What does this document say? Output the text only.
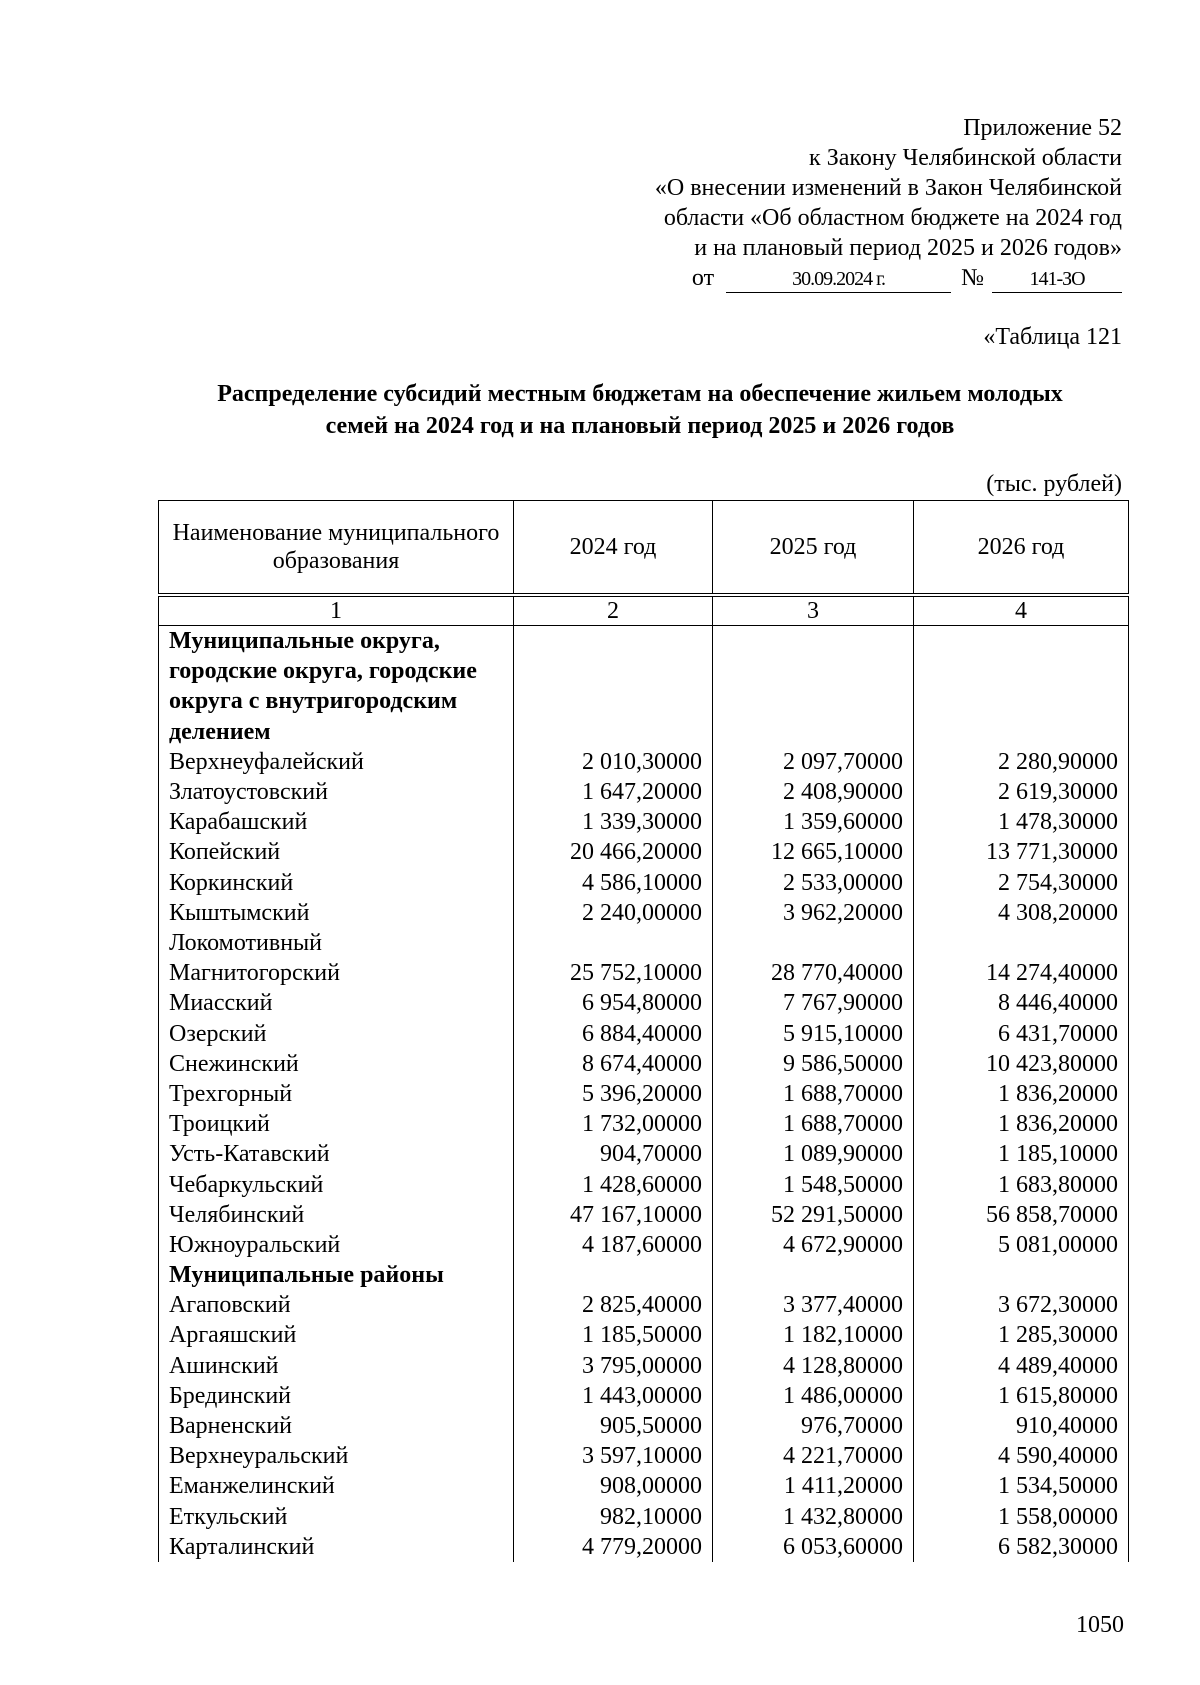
Приложение 52
к Закону Челябинской области
«О внесении изменений в Закон Челябинской
области «Об областном бюджете на 2024 год
и на плановый период 2025 и 2026 годов»
от	30.09.2024 г.	№ 141-ЗО
«Таблица 121
Распределение субсидий местным бюджетам на обеспечение жильем молодых
семей на 2024 год и на плановый период 2025 и 2026 годов
(тыс. рублей)
Наименование муниципального образования	2024 год	2025 год	2026 год
1	2	3	4
Муниципальные округа, городские округа, городские округа с внутригородским делением			
Верхнеуфалейский	2 010,30000	2 097,70000	2 280,90000
Златоустовский	1 647,20000	2 408,90000	2 619,30000
Карабашский	1 339,30000	1 359,60000	1 478,30000
Копейский	20 466,20000	12 665,10000	13 771,30000
Коркинский	4 586,10000	2 533,00000	2 754,30000
Кыштымский	2 240,00000	3 962,20000	4 308,20000
Локомотивный			
Магнитогорский	25 752,10000	28 770,40000	14 274,40000
Миасский	6 954,80000	7 767,90000	8 446,40000
Озерский	6 884,40000	5 915,10000	6 431,70000
Снежинский	8 674,40000	9 586,50000	10 423,80000
Трехгорный	5 396,20000	1 688,70000	1 836,20000
Троицкий	1 732,00000	1 688,70000	1 836,20000
Усть-Катавский	904,70000	1 089,90000	1 185,10000
Чебаркульский	1 428,60000	1 548,50000	1 683,80000
Челябинский	47 167,10000	52 291,50000	56 858,70000
Южноуральский	4 187,60000	4 672,90000	5 081,00000
Муниципальные районы			
Агаповский	2 825,40000	3 377,40000	3 672,30000
Аргаяшский	1 185,50000	1 182,10000	1 285,30000
Ашинский	3 795,00000	4 128,80000	4 489,40000
Брединский	1 443,00000	1 486,00000	1 615,80000
Варненский	905,50000	976,70000	910,40000
Верхнеуральский	3 597,10000	4 221,70000	4 590,40000
Еманжелинский	908,00000	1 411,20000	1 534,50000
Еткульский	982,10000	1 432,80000	1 558,00000
Карталинский	4 779,20000	6 053,60000	6 582,30000
1050
